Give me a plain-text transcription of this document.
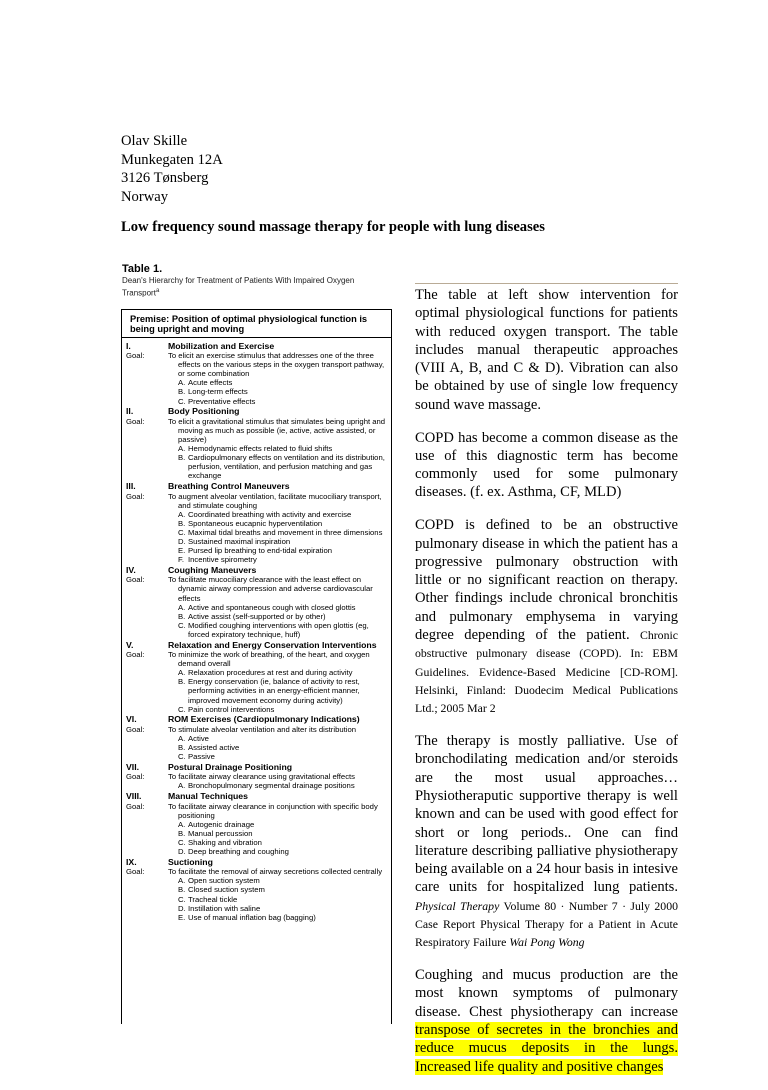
Olav Skille
Munkegaten 12A
3126 Tønsberg
Norway
Low frequency sound massage therapy for people with lung diseases
Table 1.
Dean's Hierarchy for Treatment of Patients With Impaired Oxygen
Transport$^a$
Premise: Position of optimal physiological function is being upright and moving
I.	Mobilization and Exercise
Goal:	To elicit an exercise stimulus that addresses one of the three effects on the various steps in the oxygen transport pathway, or some combination
A. Acute effects
B. Long-term effects
C. Preventative effects
II.	Body Positioning
Goal:	To elicit a gravitational stimulus that simulates being upright and moving as much as possible (ie, active, active assisted, or passive)
A. Hemodynamic effects related to fluid shifts
B. Cardiopulmonary effects on ventilation and its distribution, perfusion, ventilation, and perfusion matching and gas exchange
III.	Breathing Control Maneuvers
Goal:	To augment alveolar ventilation, facilitate mucociliary transport, and stimulate coughing
A. Coordinated breathing with activity and exercise
B. Spontaneous eucapnic hyperventilation
C. Maximal tidal breaths and movement in three dimensions
D. Sustained maximal inspiration
E. Pursed lip breathing to end-tidal expiration
F. Incentive spirometry
IV.	Coughing Maneuvers
Goal:	To facilitate mucociliary clearance with the least effect on dynamic airway compression and adverse cardiovascular effects
A. Active and spontaneous cough with closed glottis
B. Active assist (self-supported or by other)
C. Modified coughing interventions with open glottis (eg, forced expiratory technique, huff)
V.	Relaxation and Energy Conservation Interventions
Goal:	To minimize the work of breathing, of the heart, and oxygen demand overall
A. Relaxation procedures at rest and during activity
B. Energy conservation (ie, balance of activity to rest, performing activities in an energy-efficient manner, improved movement economy during activity)
C. Pain control interventions
VI.	ROM Exercises (Cardiopulmonary Indications)
Goal:	To stimulate alveolar ventilation and alter its distribution
A. Active
B. Assisted active
C. Passive
VII.	Postural Drainage Positioning
Goal:	To facilitate airway clearance using gravitational effects
A. Bronchopulmonary segmental drainage positions
VIII.	Manual Techniques
Goal:	To facilitate airway clearance in conjunction with specific body positioning
A. Autogenic drainage
B. Manual percussion
C. Shaking and vibration
D. Deep breathing and coughing
IX.	Suctioning
Goal:	To facilitate the removal of airway secretions collected centrally
A. Open suction system
B. Closed suction system
C. Tracheal tickle
D. Instillation with saline
E. Use of manual inflation bag (bagging)

The table at left show intervention for optimal physiological functions for patients with reduced oxygen transport. The table includes manual therapeutic approaches (VIII A, B, and C & D). Vibration can also be obtained by use of single low frequency sound wave massage.

COPD has become a common disease as the use of this diagnostic term has become commonly used for some pulmonary diseases. (f. ex. Asthma, CF, MLD)

COPD is defined to be an obstructive pulmonary disease in which the patient has a progressive pulmonary obstruction with little or no significant reaction on therapy. Other findings include chronical bronchitis and pulmonary emphysema in varying degree depending of the patient. Chronic obstructive pulmonary disease (COPD). In: EBM Guidelines. Evidence-Based Medicine [CD-ROM]. Helsinki, Finland: Duodecim Medical Publications Ltd.; 2005 Mar 2

The therapy is mostly palliative. Use of bronchodilating medication and/or steroids are the most usual approaches… Physiotheraputic supportive therapy is well known and can be used with good effect for short or long periods.. One can find literature describing palliative physiotherapy being available on a 24 hour basis in intesive care units for hospitalized lung patients. Physical Therapy Volume 80 · Number 7 · July 2000 Case Report Physical Therapy for a Patient in Acute Respiratory Failure Wai Pong Wong

Coughing and mucus production are the most known symptoms of pulmonary disease. Chest physiotherapy can increase transpose of secretes in the bronchies and reduce mucus deposits in the lungs. Increased life quality and positive changes
